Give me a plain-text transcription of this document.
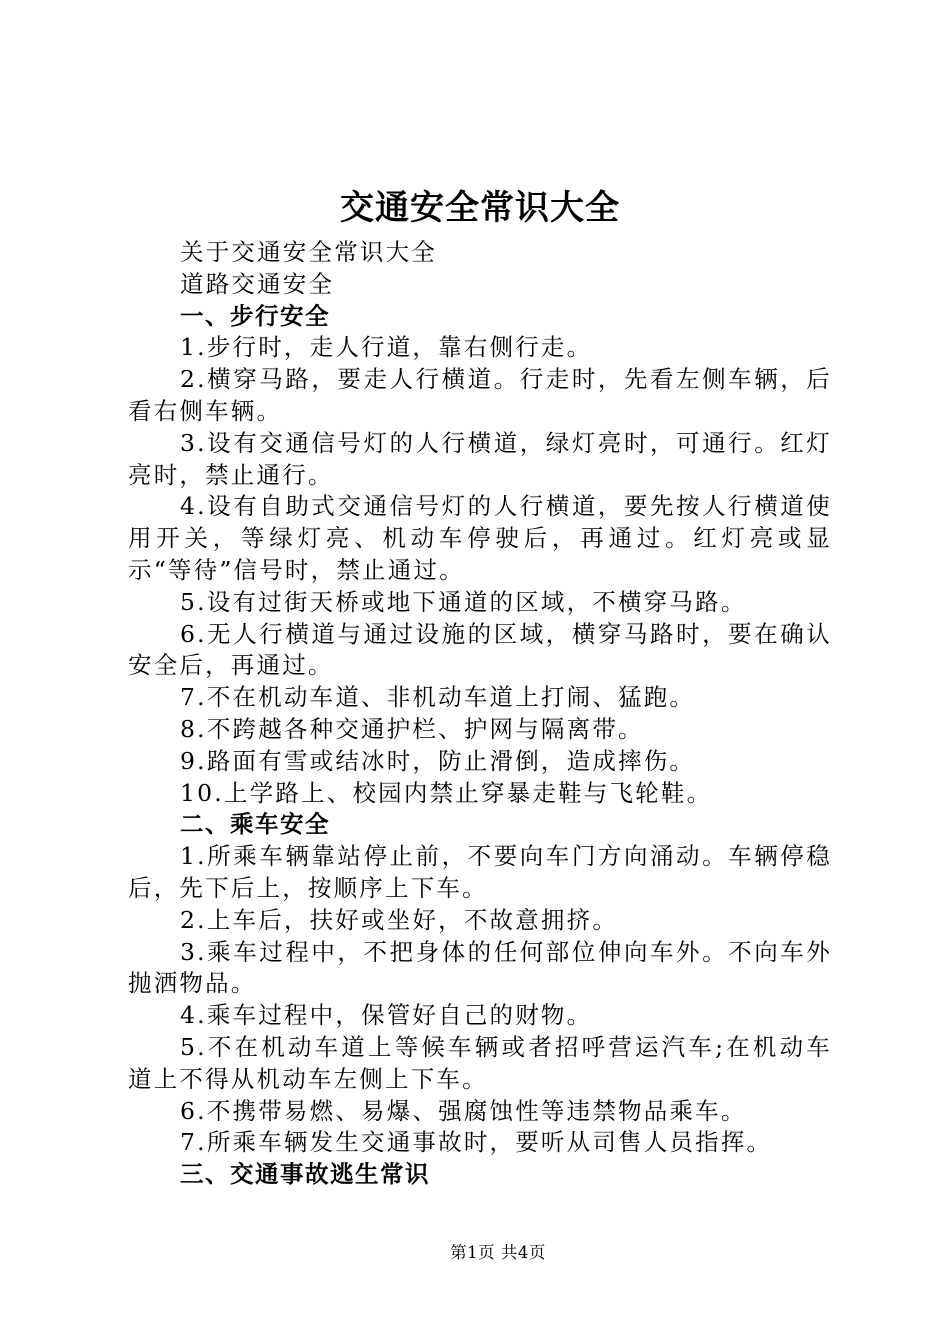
交通安全常识大全

关于交通安全常识大全

道路交通安全

一、步行安全

1.步行时，走人行道，靠右侧行走。

2.横穿马路，要走人行横道。行走时，先看左侧车辆，后看右侧车辆。

3.设有交通信号灯的人行横道，绿灯亮时，可通行。红灯亮时，禁止通行。

4.设有自助式交通信号灯的人行横道，要先按人行横道使用开关，等绿灯亮、机动车停驶后，再通过。红灯亮或显示“等待”信号时，禁止通过。

5.设有过街天桥或地下通道的区域，不横穿马路。

6.无人行横道与通过设施的区域，横穿马路时，要在确认安全后，再通过。

7.不在机动车道、非机动车道上打闹、猛跑。

8.不跨越各种交通护栏、护网与隔离带。

9.路面有雪或结冰时，防止滑倒，造成摔伤。

10.上学路上、校园内禁止穿暴走鞋与飞轮鞋。

二、乘车安全

1.所乘车辆靠站停止前，不要向车门方向涌动。车辆停稳后，先下后上，按顺序上下车。

2.上车后，扶好或坐好，不故意拥挤。

3.乘车过程中，不把身体的任何部位伸向车外。不向车外抛洒物品。

4.乘车过程中，保管好自己的财物。

5.不在机动车道上等候车辆或者招呼营运汽车;在机动车道上不得从机动车左侧上下车。

6.不携带易燃、易爆、强腐蚀性等违禁物品乘车。

7.所乘车辆发生交通事故时，要听从司售人员指挥。

三、交通事故逃生常识

第1页 共4页
